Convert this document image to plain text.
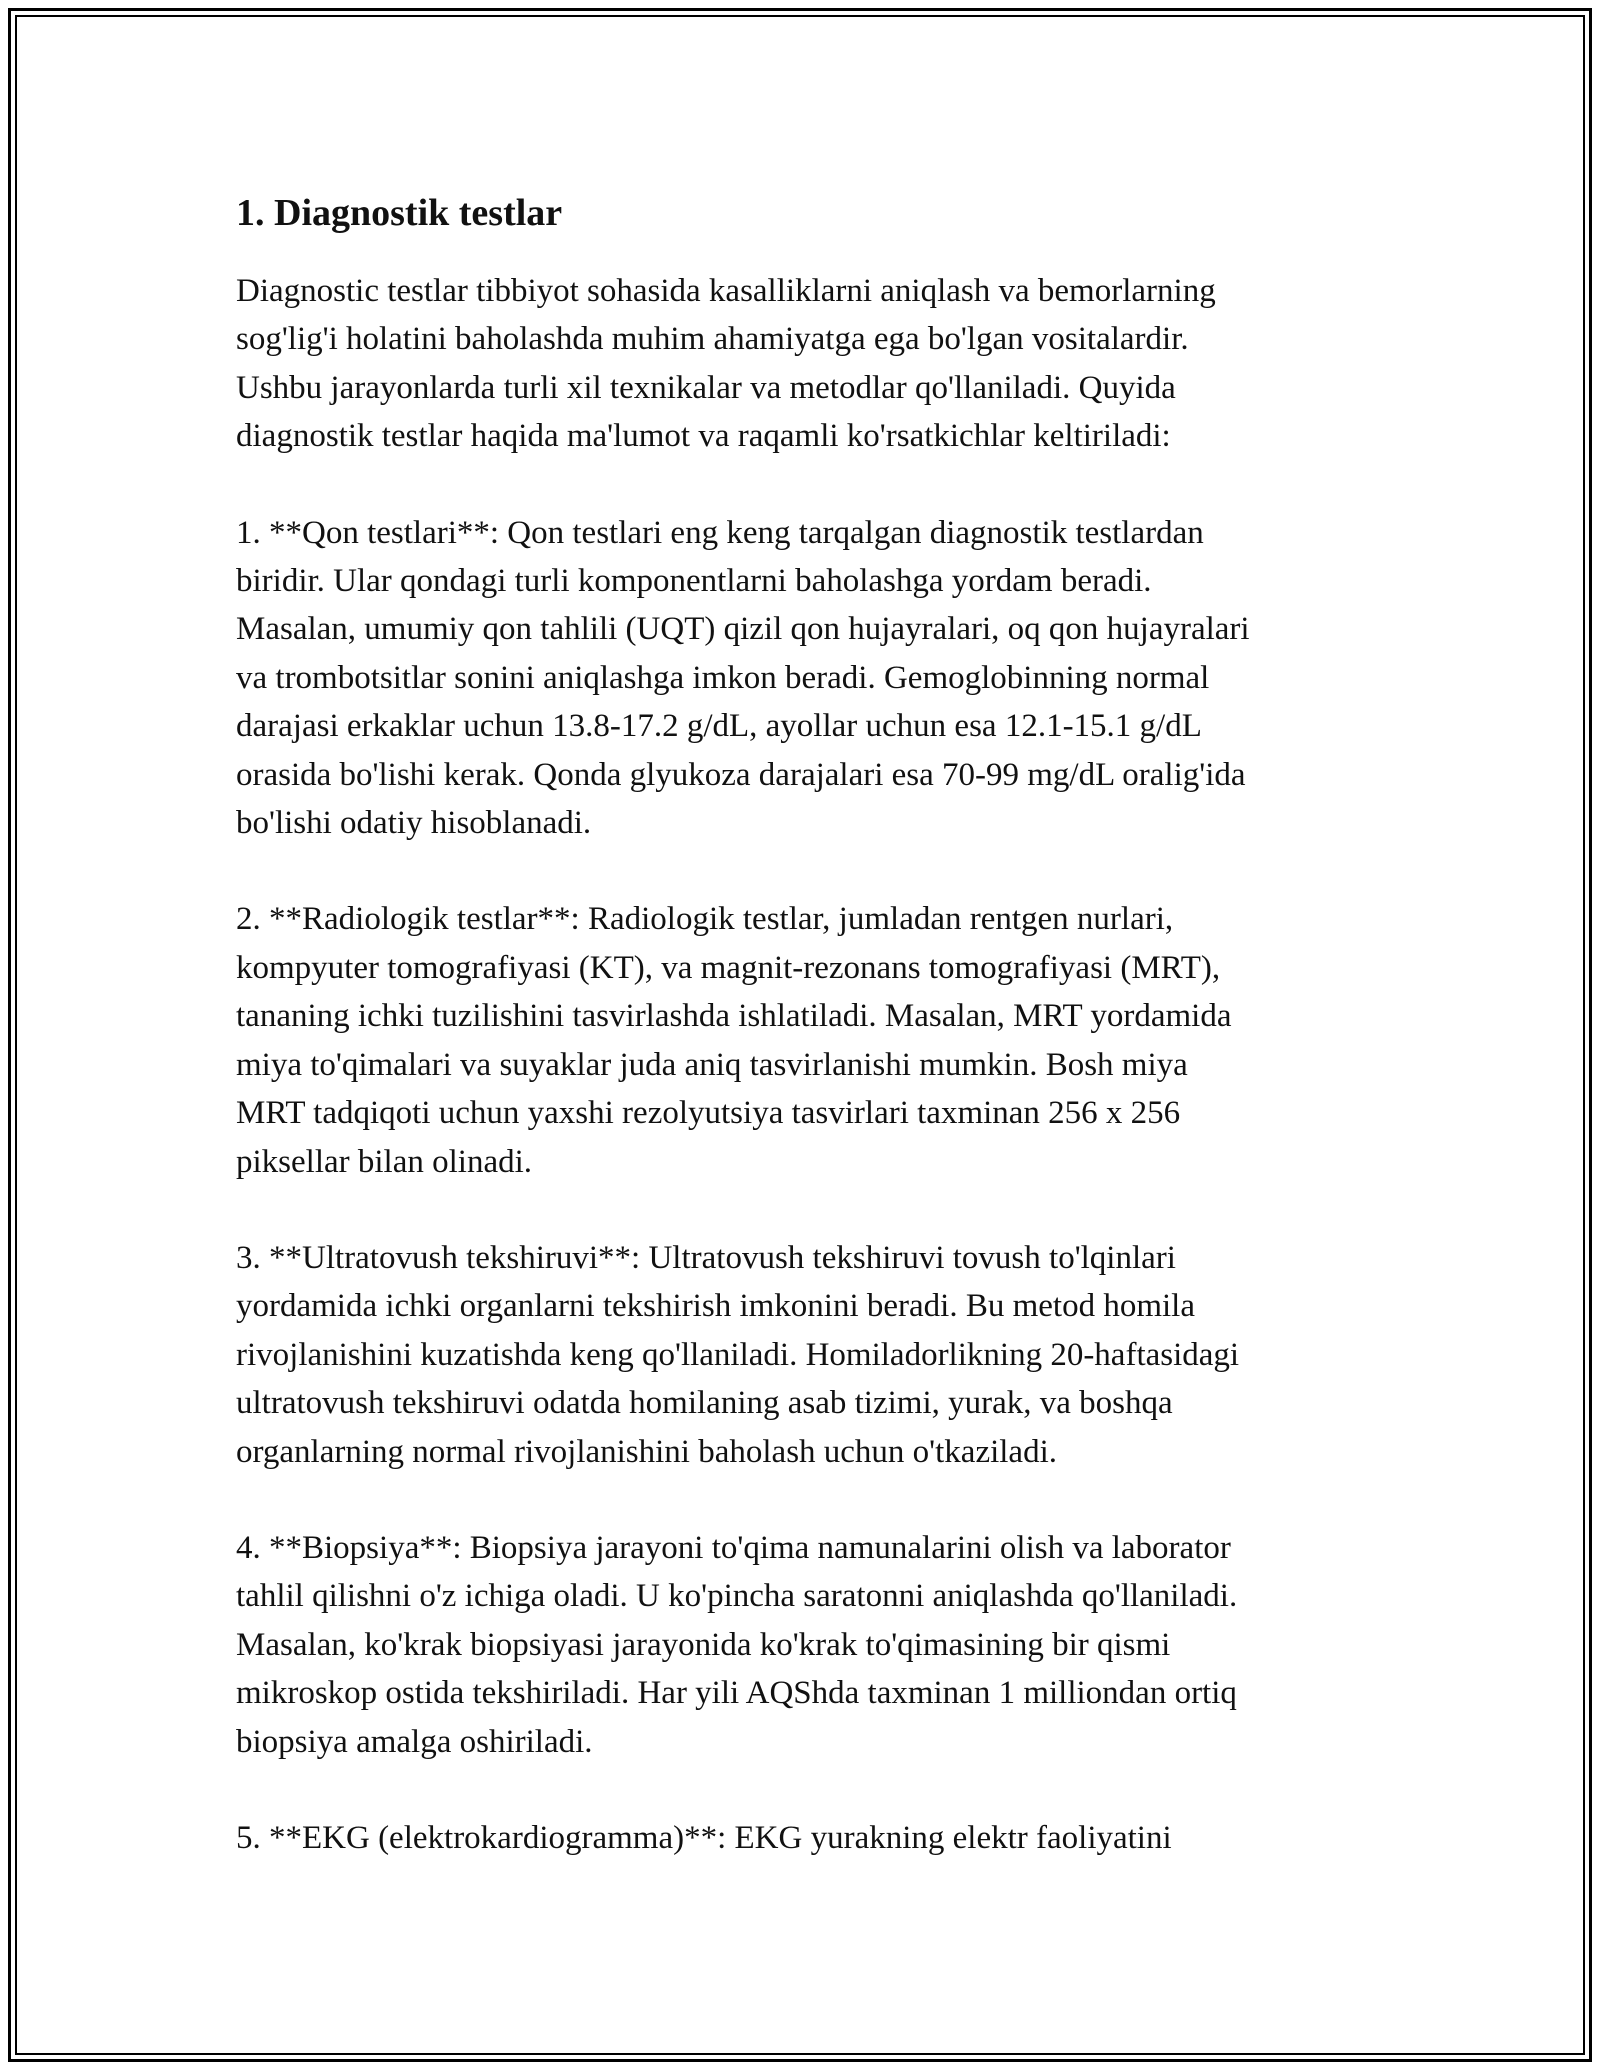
1. Diagnostik testlar

Diagnostic testlar tibbiyot sohasida kasalliklarni aniqlash va bemorlarning
sog'lig'i holatini baholashda muhim ahamiyatga ega bo'lgan vositalardir.
Ushbu jarayonlarda turli xil texnikalar va metodlar qo'llaniladi. Quyida
diagnostik testlar haqida ma'lumot va raqamli ko'rsatkichlar keltiriladi:

1. **Qon testlari**: Qon testlari eng keng tarqalgan diagnostik testlardan
biridir. Ular qondagi turli komponentlarni baholashga yordam beradi.
Masalan, umumiy qon tahlili (UQT) qizil qon hujayralari, oq qon hujayralari
va trombotsitlar sonini aniqlashga imkon beradi. Gemoglobinning normal
darajasi erkaklar uchun 13.8-17.2 g/dL, ayollar uchun esa 12.1-15.1 g/dL
orasida bo'lishi kerak. Qonda glyukoza darajalari esa 70-99 mg/dL oralig'ida
bo'lishi odatiy hisoblanadi.

2. **Radiologik testlar**: Radiologik testlar, jumladan rentgen nurlari,
kompyuter tomografiyasi (KT), va magnit-rezonans tomografiyasi (MRT),
tananing ichki tuzilishini tasvirlashda ishlatiladi. Masalan, MRT yordamida
miya to'qimalari va suyaklar juda aniq tasvirlanishi mumkin. Bosh miya
MRT tadqiqoti uchun yaxshi rezolyutsiya tasvirlari taxminan 256 x 256
piksellar bilan olinadi.

3. **Ultratovush tekshiruvi**: Ultratovush tekshiruvi tovush to'lqinlari
yordamida ichki organlarni tekshirish imkonini beradi. Bu metod homila
rivojlanishini kuzatishda keng qo'llaniladi. Homiladorlikning 20-haftasidagi
ultratovush tekshiruvi odatda homilaning asab tizimi, yurak, va boshqa
organlarning normal rivojlanishini baholash uchun o'tkaziladi.

4. **Biopsiya**: Biopsiya jarayoni to'qima namunalarini olish va laborator
tahlil qilishni o'z ichiga oladi. U ko'pincha saratonni aniqlashda qo'llaniladi.
Masalan, ko'krak biopsiyasi jarayonida ko'krak to'qimasining bir qismi
mikroskop ostida tekshiriladi. Har yili AQShda taxminan 1 milliondan ortiq
biopsiya amalga oshiriladi.

5. **EKG (elektrokardiogramma)**: EKG yurakning elektr faoliyatini
